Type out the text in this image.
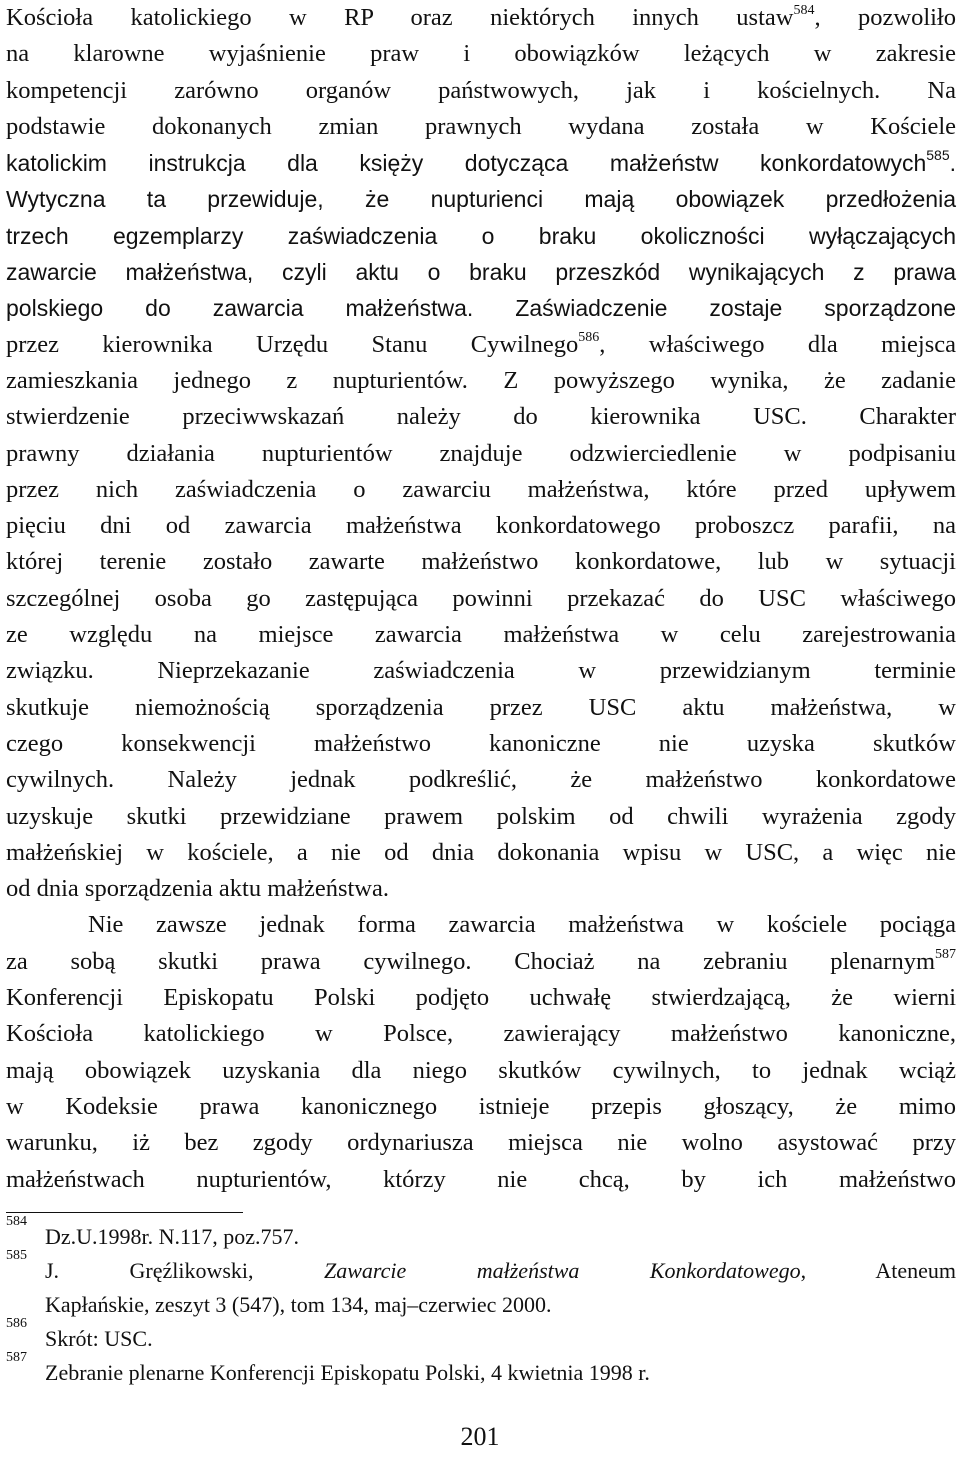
Kościoła katolickiego w RP oraz niektórych innych ustaw$^{584}$, pozwoliło
na klarowne wyjaśnienie praw i obowiązków leżących w zakresie
kompetencji zarówno organów państwowych, jak i kościelnych. Na
podstawie dokonanych zmian prawnych wydana została w Kościele
katolickim instrukcja dla księży dotycząca małżeństw konkordatowych$^{585}$.
Wytyczna ta przewiduje, że nupturienci mają obowiązek przedłożenia
trzech egzemplarzy zaświadczenia o braku okoliczności wyłączających
zawarcie małżeństwa, czyli aktu o braku przeszkód wynikających z prawa
polskiego do zawarcia małżeństwa. Zaświadczenie zostaje sporządzone
przez kierownika Urzędu Stanu Cywilnego$^{586}$, właściwego dla miejsca
zamieszkania jednego z nupturientów. Z powyższego wynika, że zadanie
stwierdzenie przeciwwskazań należy do kierownika USC. Charakter
prawny działania nupturientów znajduje odzwierciedlenie w podpisaniu
przez nich zaświadczenia o zawarciu małżeństwa, które przed upływem
pięciu dni od zawarcia małżeństwa konkordatowego proboszcz parafii, na
której terenie zostało zawarte małżeństwo konkordatowe, lub w sytuacji
szczególnej osoba go zastępująca powinni przekazać do USC właściwego
ze względu na miejsce zawarcia małżeństwa w celu zarejestrowania
związku. Nieprzekazanie zaświadczenia w przewidzianym terminie
skutkuje niemożnością sporządzenia przez USC aktu małżeństwa, w
czego konsekwencji małżeństwo kanoniczne nie uzyska skutków
cywilnych. Należy jednak podkreślić, że małżeństwo konkordatowe
uzyskuje skutki przewidziane prawem polskim od chwili wyrażenia zgody
małżeńskiej w kościele, a nie od dnia dokonania wpisu w USC, a więc nie
od dnia sporządzenia aktu małżeństwa.
Nie zawsze jednak forma zawarcia małżeństwa w kościele pociąga
za sobą skutki prawa cywilnego. Chociaż na zebraniu plenarnym$^{587}$
Konferencji Episkopatu Polski podjęto uchwałę stwierdzającą, że wierni
Kościoła katolickiego w Polsce, zawierający małżeństwo kanoniczne,
mają obowiązek uzyskania dla niego skutków cywilnych, to jednak wciąż
w Kodeksie prawa kanonicznego istnieje przepis głoszący, że mimo
warunku, iż bez zgody ordynariusza miejsca nie wolno asystować przy
małżeństwach nupturientów, którzy nie chcą, by ich małżeństwo
584
Dz.U.1998r. N.117, poz.757.
585
J. Gręźlikowski,	Zawarcie małżeństwa Konkordatowego,	Ateneum
Kapłańskie, zeszyt 3 (547), tom 134, maj–czerwiec 2000.
586
Skrót: USC.
587
Zebranie plenarne Konferencji Episkopatu Polski, 4 kwietnia 1998 r.
201
